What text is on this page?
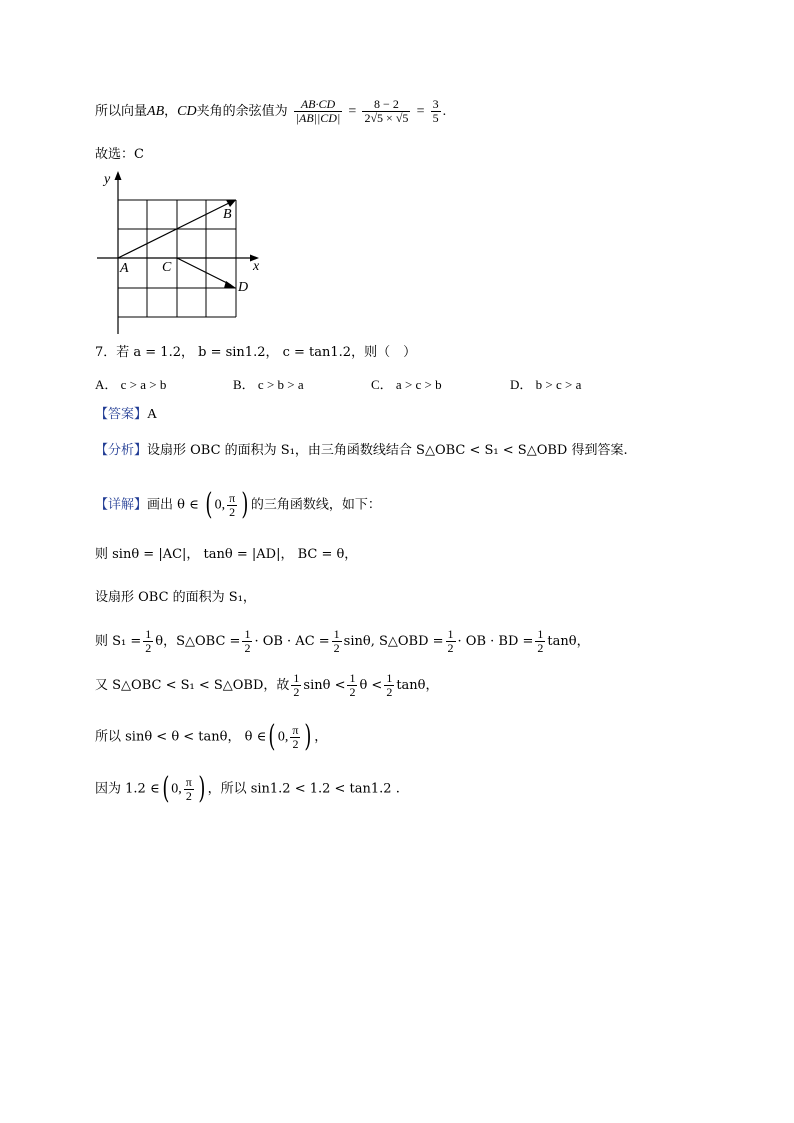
所以向量AB，CD夹角的余弦值为 $\frac{AB\cdot CD}{|AB||CD|} = \frac{8 - 2}{2√5 \times √5} = \frac{3}{5}$ .
故选：C
y
x
A
B
C
D
7．若 a = 1.2， b = sin1.2， c = tan1.2，则（　）
A． c > a > b	B． c > b > a	C． a > c > b	D． b > c > a
【答案】A
【分析】设扇形 OBC 的面积为 S₁，由三角函数线结合 S△OBC < S₁ < S△OBD 得到答案.
【详解】画出 θ ∈ ( 0, $\frac{\pi}{2}$ ) 的三角函数线，如下：
则 sinθ = |AC|， tanθ = |AD|， BC = θ，
设扇形 OBC 的面积为 S₁，
则 $S_1 = \frac{1}{2}$ θ，S△OBC = $\frac{1}{2}$ · OB · AC = $\frac{1}{2} \sin\theta$, S△OBD = $\frac{1}{2}$ · OB · BD = $\frac{1}{2}$ tanθ，
又 S△OBC < S₁ < S△OBD，故 $\frac{1}{2}$ $\sin\theta < \frac{1}{2}$ $\theta < \frac{1}{2}$ tanθ，
所以 sinθ < θ < tanθ， θ ∈( 0, $\frac{\pi}{2}$ ) ，
因为 1.2 ∈( 0, $\frac{\pi}{2}$ ) ，所以 sin1.2 < 1.2 < tan1.2 .
